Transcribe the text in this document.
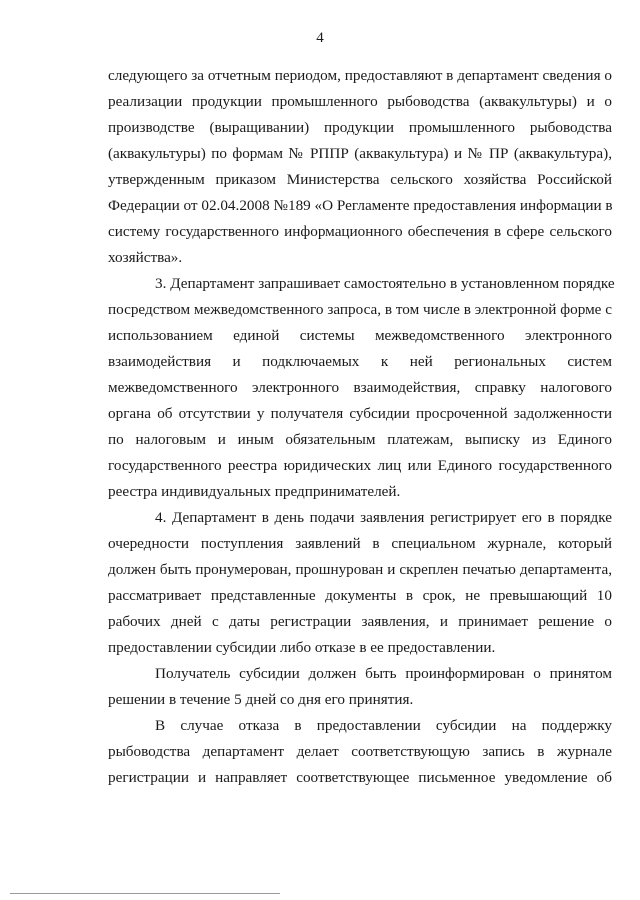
4
следующего за отчетным периодом, предоставляют в департамент сведения о
реализации продукции промышленного рыбоводства (аквакультуры) и о
производстве (выращивании) продукции промышленного рыбоводства
(аквакультуры) по формам № РППР (аквакультура) и № ПР (аквакультура),
утвержденным приказом Министерства сельского хозяйства Российской
Федерации от 02.04.2008 №189 «О Регламенте предоставления информации в
систему государственного информационного обеспечения в сфере сельского
хозяйства».
3. Департамент запрашивает самостоятельно в установленном порядке
посредством межведомственного запроса, в том числе в электронной форме с
использованием единой системы межведомственного электронного
взаимодействия и подключаемых к ней региональных систем
межведомственного электронного взаимодействия, справку налогового
органа об отсутствии у получателя субсидии просроченной задолженности
по налоговым и иным обязательным платежам, выписку из Единого
государственного реестра юридических лиц или Единого государственного
реестра индивидуальных предпринимателей.
4. Департамент в день подачи заявления регистрирует его в порядке
очередности поступления заявлений в специальном журнале, который
должен быть пронумерован, прошнурован и скреплен печатью департамента,
рассматривает представленные документы в срок, не превышающий 10
рабочих дней с даты регистрации заявления, и принимает решение о
предоставлении субсидии либо отказе в ее предоставлении.
Получатель субсидии должен быть проинформирован о принятом
решении в течение 5 дней со дня его принятия.
В случае отказа в предоставлении субсидии на поддержку
рыбоводства департамент делает соответствующую запись в журнале
регистрации и направляет соответствующее письменное уведомление об
